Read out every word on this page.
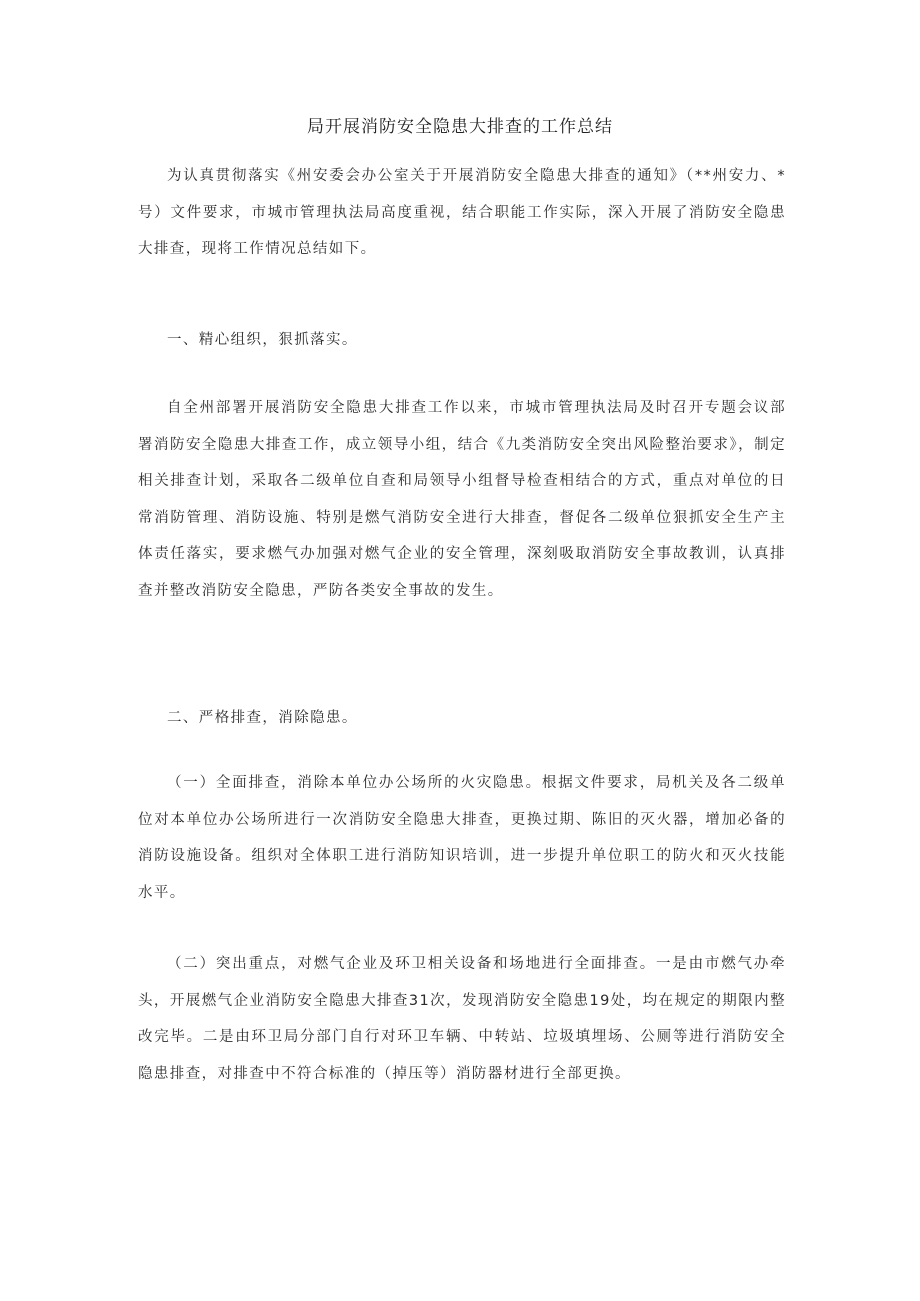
局开展消防安全隐患大排查的工作总结

为认真贯彻落实《州安委会办公室关于开展消防安全隐患大排查的通知》（**州安力、*号）文件要求，市城市管理执法局高度重视，结合职能工作实际，深入开展了消防安全隐患大排查，现将工作情况总结如下。

一、精心组织，狠抓落实。

自全州部署开展消防安全隐患大排查工作以来，市城市管理执法局及时召开专题会议部署消防安全隐患大排查工作，成立领导小组，结合《九类消防安全突出风险整治要求》，制定相关排查计划，采取各二级单位自查和局领导小组督导检查相结合的方式，重点对单位的日常消防管理、消防设施、特别是燃气消防安全进行大排查，督促各二级单位狠抓安全生产主体责任落实，要求燃气办加强对燃气企业的安全管理，深刻吸取消防安全事故教训，认真排查并整改消防安全隐患，严防各类安全事故的发生。

二、严格排查，消除隐患。

（一）全面排查，消除本单位办公场所的火灾隐患。根据文件要求，局机关及各二级单位对本单位办公场所进行一次消防安全隐患大排查，更换过期、陈旧的灭火器，增加必备的消防设施设备。组织对全体职工进行消防知识培训，进一步提升单位职工的防火和灭火技能水平。

（二）突出重点，对燃气企业及环卫相关设备和场地进行全面排查。一是由市燃气办牵头，开展燃气企业消防安全隐患大排查31次，发现消防安全隐患19处，均在规定的期限内整改完毕。二是由环卫局分部门自行对环卫车辆、中转站、垃圾填埋场、公厕等进行消防安全隐患排查，对排查中不符合标准的（掉压等）消防器材进行全部更换。
